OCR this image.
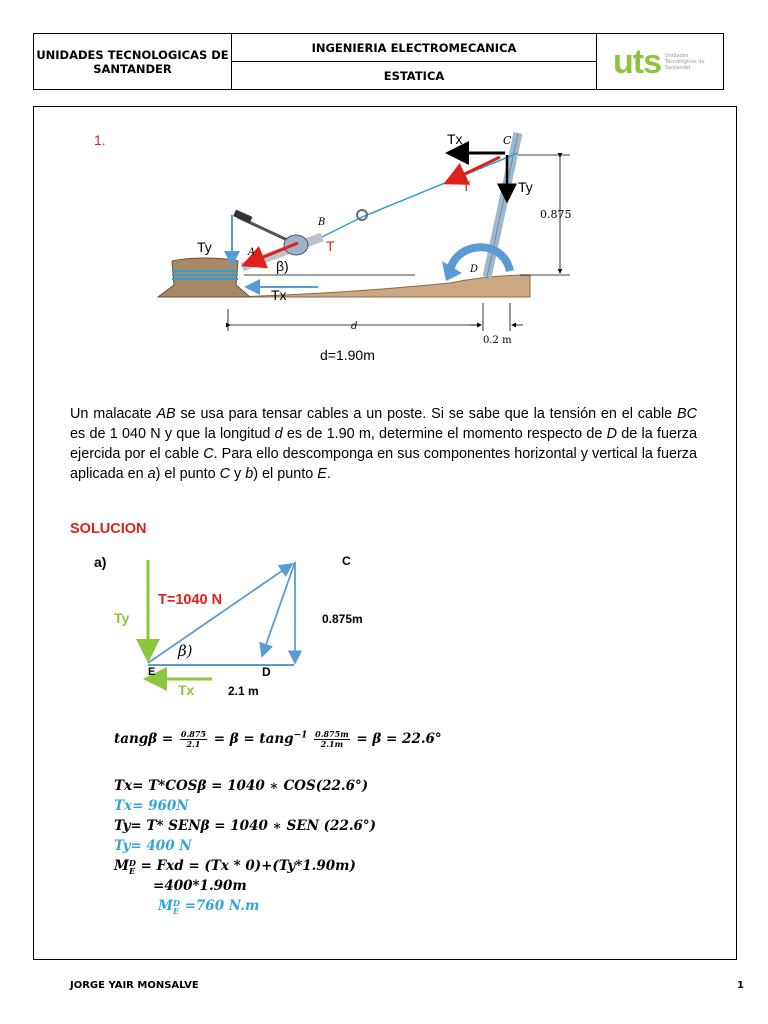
UNIDADES TECNOLOGICAS DE SANTANDER	INGENIERIA ELECTROMECANICA	uts Unidades Tecnológicas de Santander

ESTATICA
1.	Tx
Ty
T
C
0.875
B
A	T
Ty
β)
Tx
D
d
0.2 m
d=1.90m
Un malacate AB se usa para tensar cables a un poste. Si se sabe que la tensión en el cable BC es de 1 040 N y que la longitud d es de 1.90 m, determine el momento respecto de D de la fuerza ejercida por el cable C. Para ello descomponga en sus componentes horizontal y vertical la fuerza aplicada en a) el punto C y b) el punto E.
SOLUCION
a)	C
T=1040 N
Ty	0.875m
β)
E	D
Tx	2.1 m
$\tan g\beta = \frac{0.875}{2.1} = \beta = \tan g^{-1} \frac{0.875m}{2.1m} = \beta = 22.6^\circ$
Tx= T*COSβ = 1040 ∗ COS(22.6°)
Tx= 960N
Ty= T* SENβ = 1040 ∗ SEN (22.6°)
Ty= 400 N
M D
E = Fxd = (Tx * 0)+(Ty*1.90m)
=400*1.90m
M D
E =760 N.m
JORGE YAIR MONSALVE	1
